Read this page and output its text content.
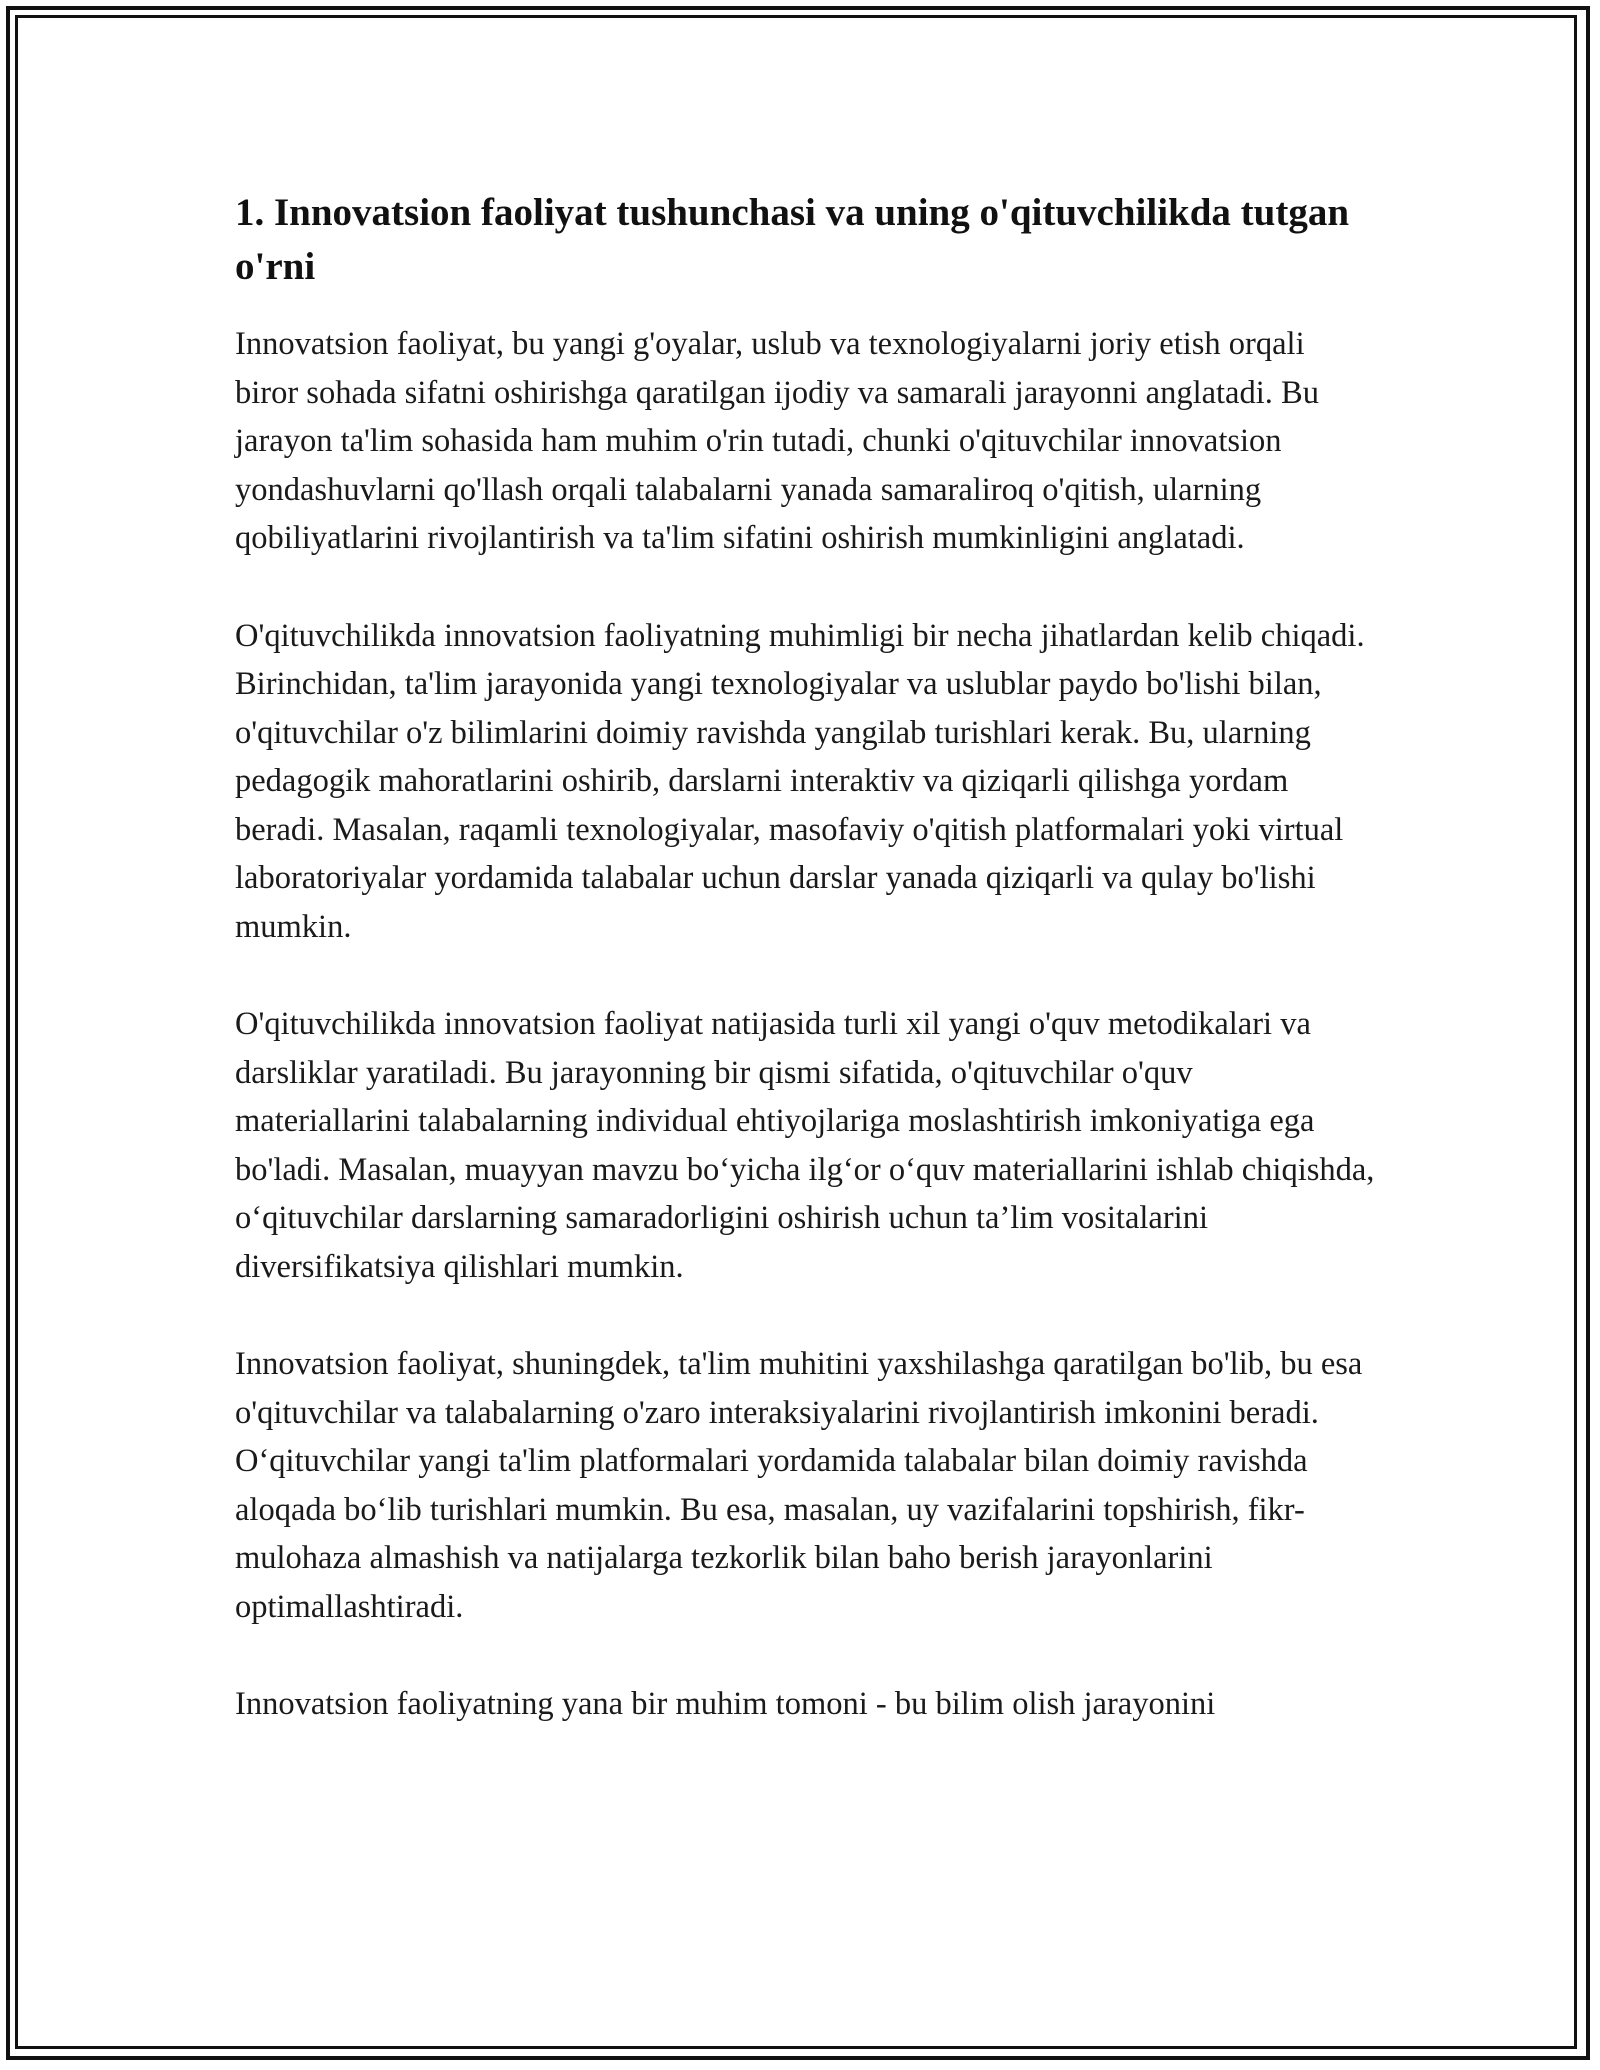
1. Innovatsion faoliyat tushunchasi va uning o'qituvchilikda tutgan o'rni

Innovatsion faoliyat, bu yangi g'oyalar, uslub va texnologiyalarni joriy etish orqali biror sohada sifatni oshirishga qaratilgan ijodiy va samarali jarayonni anglatadi. Bu jarayon ta'lim sohasida ham muhim o'rin tutadi, chunki o'qituvchilar innovatsion yondashuvlarni qo'llash orqali talabalarni yanada samaraliroq o'qitish, ularning qobiliyatlarini rivojlantirish va ta'lim sifatini oshirish mumkinligini anglatadi.

O'qituvchilikda innovatsion faoliyatning muhimligi bir necha jihatlardan kelib chiqadi. Birinchidan, ta'lim jarayonida yangi texnologiyalar va uslublar paydo bo'lishi bilan, o'qituvchilar o'z bilimlarini doimiy ravishda yangilab turishlari kerak. Bu, ularning pedagogik mahoratlarini oshirib, darslarni interaktiv va qiziqarli qilishga yordam beradi. Masalan, raqamli texnologiyalar, masofaviy o'qitish platformalari yoki virtual laboratoriyalar yordamida talabalar uchun darslar yanada qiziqarli va qulay bo'lishi mumkin.

O'qituvchilikda innovatsion faoliyat natijasida turli xil yangi o'quv metodikalari va darsliklar yaratiladi. Bu jarayonning bir qismi sifatida, o'qituvchilar o'quv materiallarini talabalarning individual ehtiyojlariga moslashtirish imkoniyatiga ega bo'ladi. Masalan, muayyan mavzu bo‘yicha ilg‘or o‘quv materiallarini ishlab chiqishda, o‘qituvchilar darslarning samaradorligini oshirish uchun ta’lim vositalarini diversifikatsiya qilishlari mumkin.

Innovatsion faoliyat, shuningdek, ta'lim muhitini yaxshilashga qaratilgan bo'lib, bu esa o'qituvchilar va talabalarning o'zaro interaksiyalarini rivojlantirish imkonini beradi. O‘qituvchilar yangi ta'lim platformalari yordamida talabalar bilan doimiy ravishda aloqada bo‘lib turishlari mumkin. Bu esa, masalan, uy vazifalarini topshirish, fikr-mulohaza almashish va natijalarga tezkorlik bilan baho berish jarayonlarini optimallashtiradi.

Innovatsion faoliyatning yana bir muhim tomoni - bu bilim olish jarayonini
